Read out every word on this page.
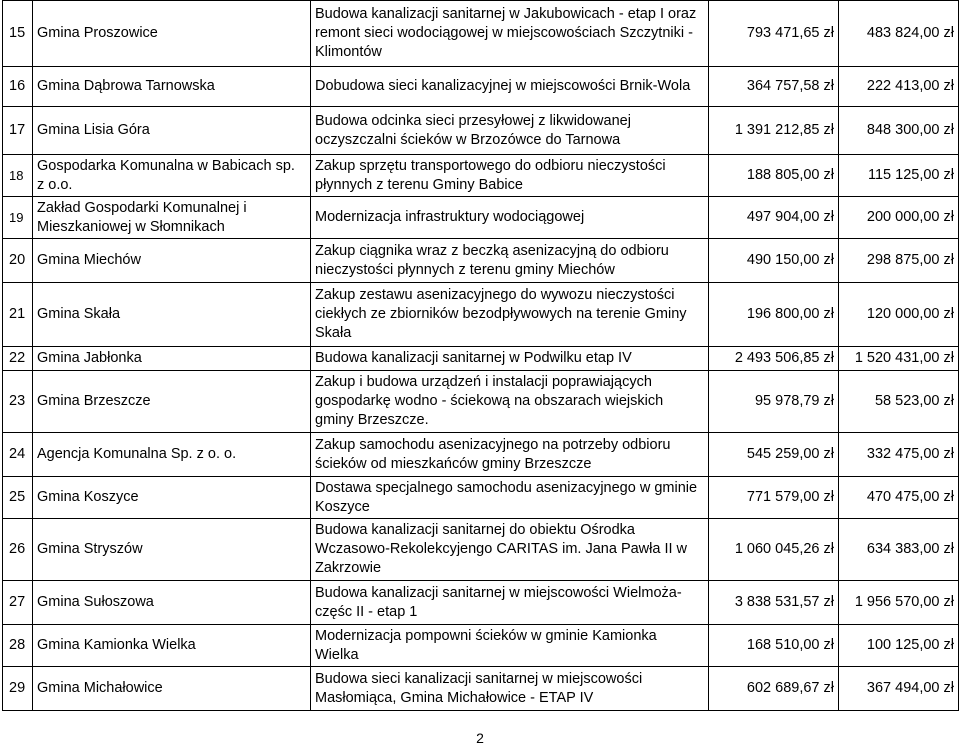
15	Gmina Proszowice	Budowa kanalizacji sanitarnej w Jakubowicach - etap I oraz remont sieci wodociągowej w miejscowościach Szczytniki - Klimontów	793 471,65 zł	483 824,00 zł
16	Gmina Dąbrowa Tarnowska	Dobudowa sieci kanalizacyjnej w miejscowości Brnik-Wola	364 757,58 zł	222 413,00 zł
17	Gmina Lisia Góra	Budowa odcinka sieci przesyłowej z likwidowanej oczyszczalni ścieków w Brzozówce do Tarnowa	1 391 212,85 zł	848 300,00 zł
18	Gospodarka Komunalna w Babicach sp. z o.o.	Zakup sprzętu transportowego do odbioru nieczystości płynnych z terenu Gminy Babice	188 805,00 zł	115 125,00 zł
19	Zakład Gospodarki Komunalnej i Mieszkaniowej w Słomnikach	Modernizacja infrastruktury wodociągowej	497 904,00 zł	200 000,00 zł
20	Gmina Miechów	Zakup ciągnika wraz z beczką asenizacyjną do odbioru nieczystości płynnych z terenu gminy Miechów	490 150,00 zł	298 875,00 zł
21	Gmina Skała	Zakup zestawu asenizacyjnego do wywozu nieczystości ciekłych ze zbiorników bezodpływowych na terenie Gminy Skała	196 800,00 zł	120 000,00 zł
22	Gmina Jabłonka	Budowa kanalizacji sanitarnej w Podwilku etap IV	2 493 506,85 zł	1 520 431,00 zł
23	Gmina Brzeszcze	Zakup i budowa urządzeń i instalacji poprawiających gospodarkę wodno - ściekową na obszarach wiejskich gminy Brzeszcze.	95 978,79 zł	58 523,00 zł
24	Agencja Komunalna Sp. z o. o.	Zakup samochodu asenizacyjnego na potrzeby odbioru ścieków od mieszkańców gminy Brzeszcze	545 259,00 zł	332 475,00 zł
25	Gmina Koszyce	Dostawa specjalnego samochodu asenizacyjnego w gminie Koszyce	771 579,00 zł	470 475,00 zł
26	Gmina Stryszów	Budowa kanalizacji sanitarnej do obiektu Ośrodka Wczasowo-Rekolekcyjengo CARITAS im. Jana Pawła II w Zakrzowie	1 060 045,26 zł	634 383,00 zł
27	Gmina Sułoszowa	Budowa kanalizacji sanitarnej w miejscowości Wielmoża-częśc II - etap 1	3 838 531,57 zł	1 956 570,00 zł
28	Gmina Kamionka Wielka	Modernizacja pompowni ścieków w gminie Kamionka Wielka	168 510,00 zł	100 125,00 zł
29	Gmina Michałowice	Budowa sieci kanalizacji sanitarnej w miejscowości Masłomiąca, Gmina Michałowice - ETAP IV	602 689,67 zł	367 494,00 zł
2
